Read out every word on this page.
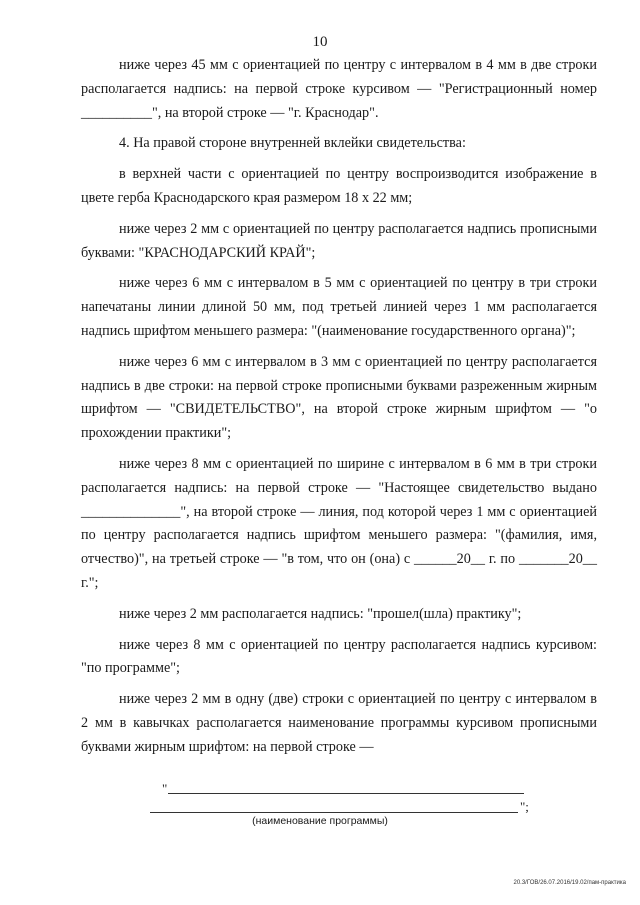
10

ниже через 45 мм с ориентацией по центру с интервалом в 4 мм в две строки располагается надпись: на первой строке курсивом — "Регистрационный номер __________", на второй строке — "г. Краснодар".

4. На правой стороне внутренней вклейки свидетельства:

в верхней части с ориентацией по центру воспроизводится изображение в цвете герба Краснодарского края размером 18 х 22 мм;

ниже через 2 мм с ориентацией по центру располагается надпись прописными буквами: "КРАСНОДАРСКИЙ КРАЙ";

ниже через 6 мм с интервалом в 5 мм с ориентацией по центру в три строки напечатаны линии длиной 50 мм, под третьей линией через 1 мм располагается надпись шрифтом меньшего размера: "(наименование государственного органа)";

ниже через 6 мм с интервалом в 3 мм с ориентацией по центру располагается надпись в две строки: на первой строке прописными буквами разреженным жирным шрифтом — "СВИДЕТЕЛЬСТВО", на второй строке жирным шрифтом — "о прохождении практики";

ниже через 8 мм с ориентацией по ширине с интервалом в 6 мм в три строки располагается надпись: на первой строке — "Настоящее свидетельство выдано ______________", на второй строке — линия, под которой через 1 мм с ориентацией по центру располагается надпись шрифтом меньшего размера: "(фамилия, имя, отчество)", на третьей строке — "в том, что он (она) с ______20__ г. по _______20__ г.";

ниже через 2 мм располагается надпись: "прошел(шла) практику";

ниже через 8 мм с ориентацией по центру располагается надпись курсивом: "по программе";

ниже через 2 мм в одну (две) строки с ориентацией по центру с интервалом в 2 мм в кавычках располагается наименование программы курсивом прописными буквами жирным шрифтом: на первой строке —

"
";
(наименование программы)
20.3/ГОВ/26.07.2016/19.02/пам-практика
